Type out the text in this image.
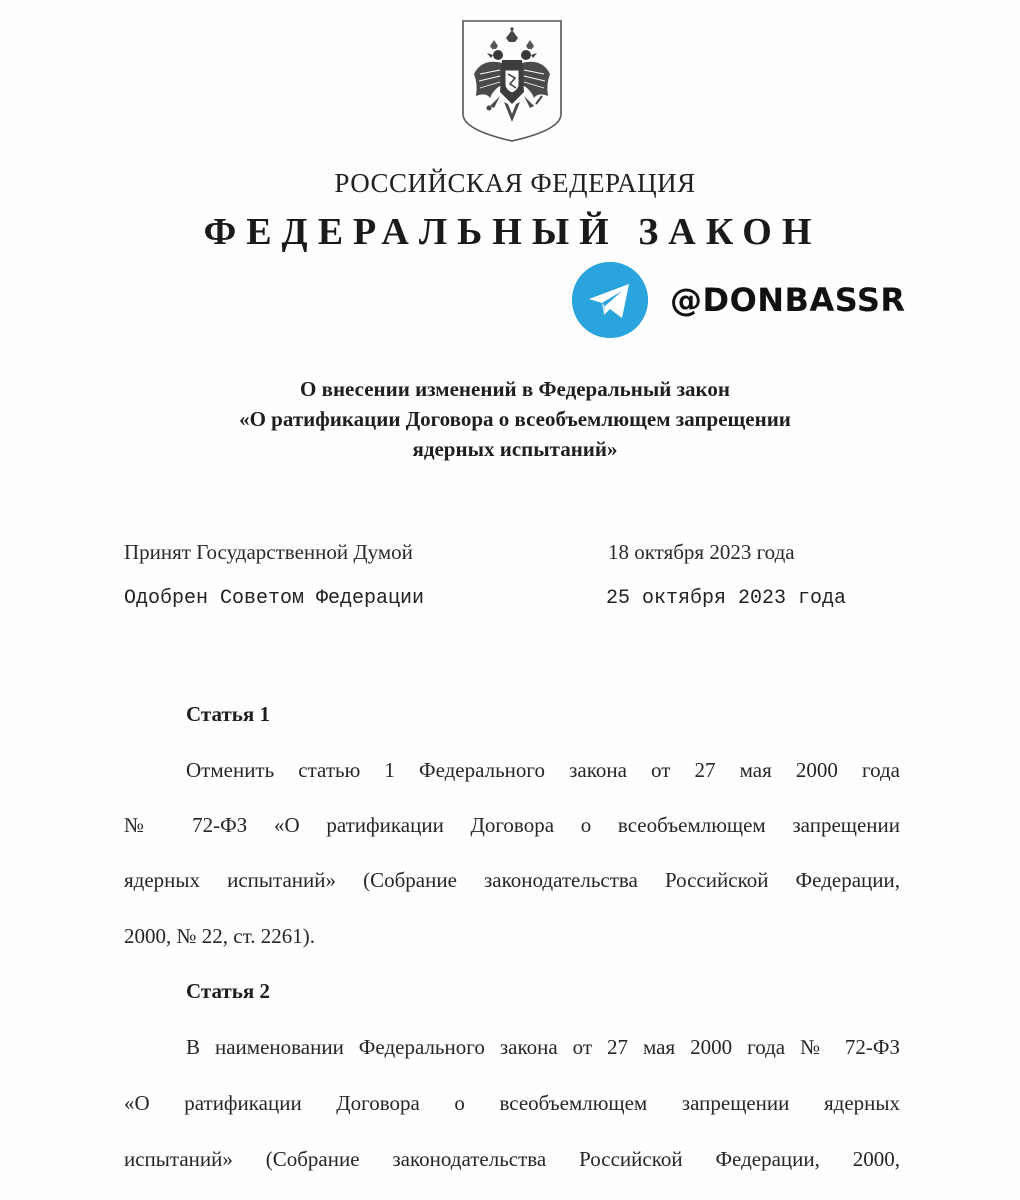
РОССИЙСКАЯ ФЕДЕРАЦИЯ
ФЕДЕРАЛЬНЫЙ ЗАКОН
@DONBASSR
О внесении изменений в Федеральный закон
«О ратификации Договора о всеобъемлющем запрещении
ядерных испытаний»
Принят Государственной Думой	18 октября 2023 года
Одобрен Советом Федерации	25 октября 2023 года
Статья 1
Отменить статью 1 Федерального закона от 27 мая 2000 года
№ 72-ФЗ «О ратификации Договора о всеобъемлющем запрещении
ядерных испытаний» (Собрание законодательства Российской Федерации,
2000, № 22, ст. 2261).
Статья 2
В наименовании Федерального закона от 27 мая 2000 года № 72-ФЗ
«О ратификации Договора о всеобъемлющем запрещении ядерных
испытаний» (Собрание законодательства Российской Федерации, 2000,
